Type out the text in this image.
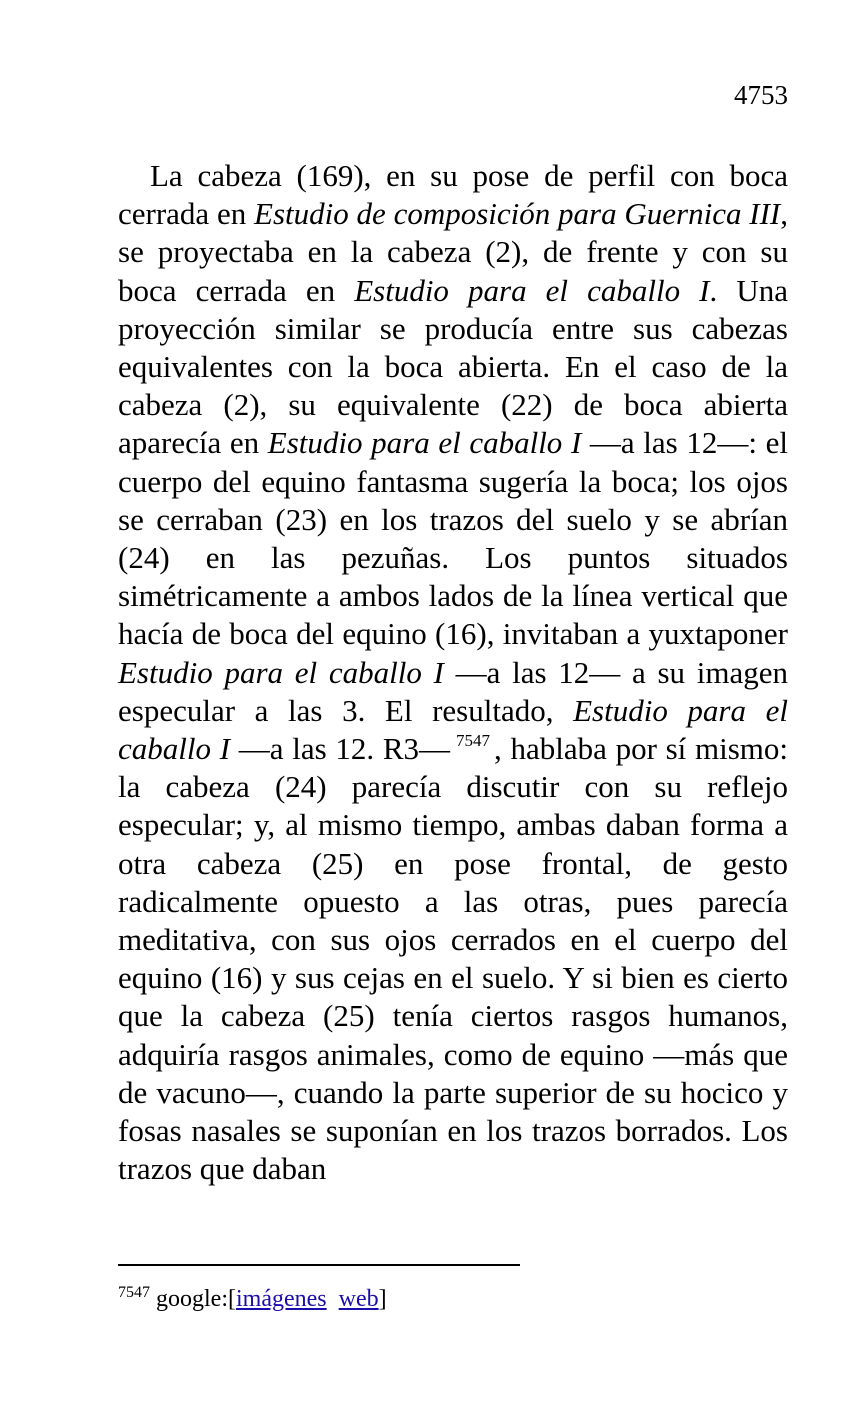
4753

La cabeza (169), en su pose de perfil con boca cerrada en Estudio de composición para Guernica III, se proyectaba en la cabeza (2), de frente y con su boca cerrada en Estudio para el caballo I. Una proyección similar se producía entre sus cabezas equivalentes con la boca abierta. En el caso de la cabeza (2), su equivalente (22) de boca abierta aparecía en Estudio para el caballo I —a las 12—: el cuerpo del equino fantasma sugería la boca; los ojos se cerraban (23) en los trazos del suelo y se abrían (24) en las pezuñas. Los puntos situados simétricamente a ambos lados de la línea vertical que hacía de boca del equino (16), invitaban a yuxtaponer Estudio para el caballo I —a las 12— a su imagen especular a las 3. El resultado, Estudio para el caballo I —a las 12. R3— $^{7547}$ , hablaba por sí mismo: la cabeza (24) parecía discutir con su reflejo especular; y, al mismo tiempo, ambas daban forma a otra cabeza (25) en pose frontal, de gesto radicalmente opuesto a las otras, pues parecía meditativa, con sus ojos cerrados en el cuerpo del equino (16) y sus cejas en el suelo. Y si bien es cierto que la cabeza (25) tenía ciertos rasgos humanos, adquiría rasgos animales, como de equino —más que de vacuno—, cuando la parte superior de su hocico y fosas nasales se suponían en los trazos borrados. Los trazos que daban

$^{7547}$ google:[imágenes web]
